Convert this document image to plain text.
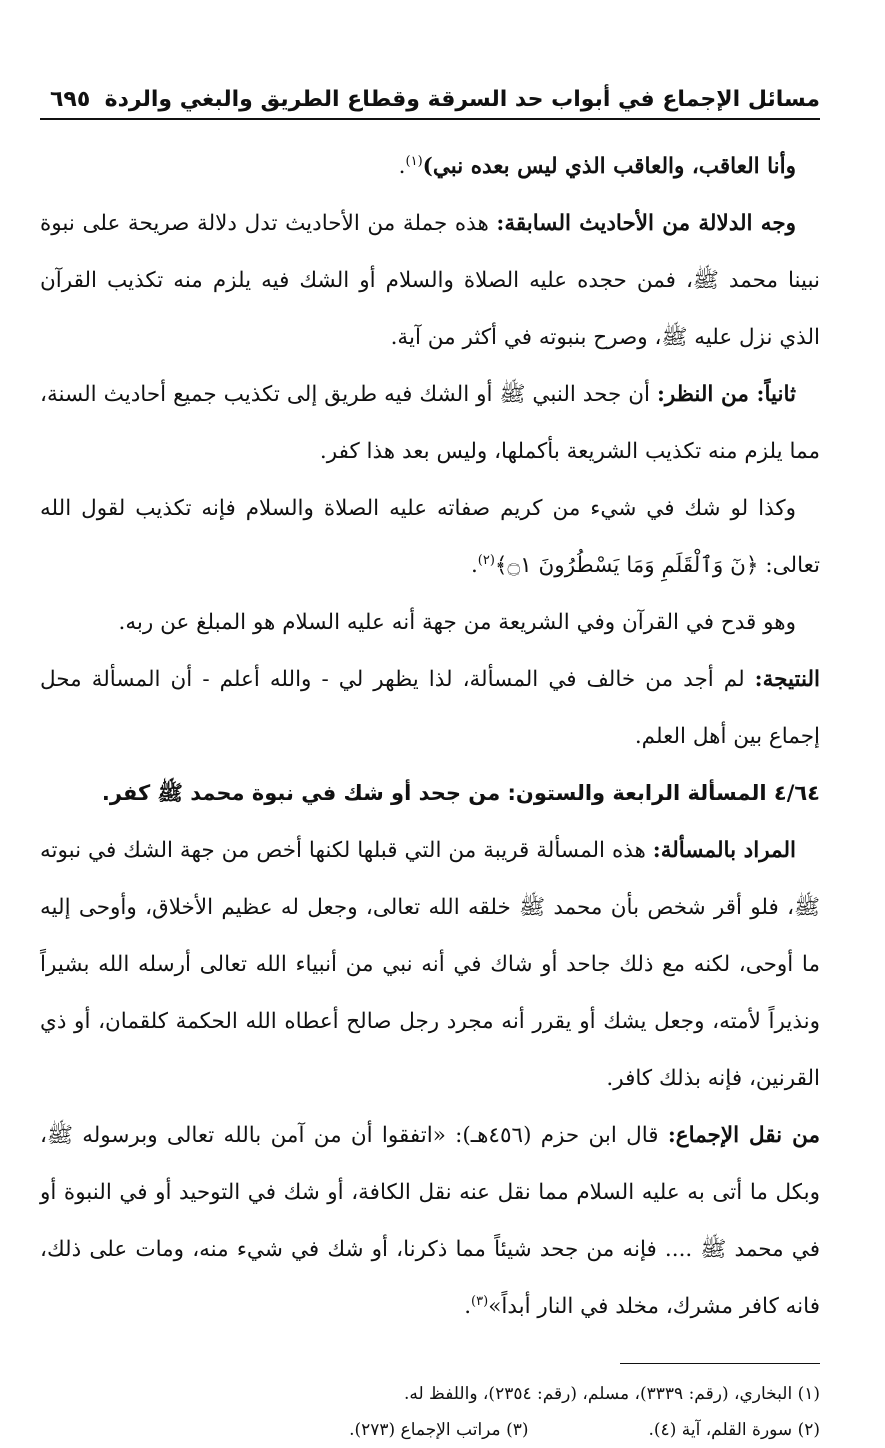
مسائل الإجماع في أبواب حد السرقة وقطاع الطريق والبغي والردة
٦٩٥

وأنا العاقب، والعاقب الذي ليس بعده نبي)$^{(١)}$.

وجه الدلالة من الأحاديث السابقة: هذه جملة من الأحاديث تدل دلالة صريحة على نبوة نبينا محمد ﷺ، فمن حجده عليه الصلاة والسلام أو الشك فيه يلزم منه تكذيب القرآن الذي نزل عليه ﷺ، وصرح بنبوته في أكثر من آية.

ثانياً: من النظر: أن جحد النبي ﷺ أو الشك فيه طريق إلى تكذيب جميع أحاديث السنة، مما يلزم منه تكذيب الشريعة بأكملها، وليس بعد هذا كفر.

وكذا لو شك في شيء من كريم صفاته عليه الصلاة والسلام فإنه تكذيب لقول الله تعالى: ﴿نٓ وَٱلْقَلَمِ وَمَا يَسْطُرُونَ ۝١﴾$^{(٢)}$.

وهو قدح في القرآن وفي الشريعة من جهة أنه عليه السلام هو المبلغ عن ربه.

النتيجة: لم أجد من خالف في المسألة، لذا يظهر لي - والله أعلم - أن المسألة محل إجماع بين أهل العلم.

٤/٦٤ المسألة الرابعة والستون: من جحد أو شك في نبوة محمد ﷺ كفر.

المراد بالمسألة: هذه المسألة قريبة من التي قبلها لكنها أخص من جهة الشك في نبوته ﷺ، فلو أقر شخص بأن محمد ﷺ خلقه الله تعالى، وجعل له عظيم الأخلاق، وأوحى إليه ما أوحى، لكنه مع ذلك جاحد أو شاك في أنه نبي من أنبياء الله تعالى أرسله الله بشيراً ونذيراً لأمته، وجعل يشك أو يقرر أنه مجرد رجل صالح أعطاه الله الحكمة كلقمان، أو ذي القرنين، فإنه بذلك كافر.

من نقل الإجماع: قال ابن حزم (٤٥٦هـ): «اتفقوا أن من آمن بالله تعالى وبرسوله ﷺ، وبكل ما أتى به عليه السلام مما نقل عنه نقل الكافة، أو شك في التوحيد أو في النبوة أو في محمد ﷺ .... فإنه من جحد شيئاً مما ذكرنا، أو شك في شيء منه، ومات على ذلك، فانه كافر مشرك، مخلد في النار أبداً»$^{(٣)}$.

(١) البخاري، (رقم: ٣٣٣٩)، مسلم، (رقم: ٢٣٥٤)، واللفظ له.

(٢) سورة القلم، آية (٤).

(٣) مراتب الإجماع (٢٧٣).
